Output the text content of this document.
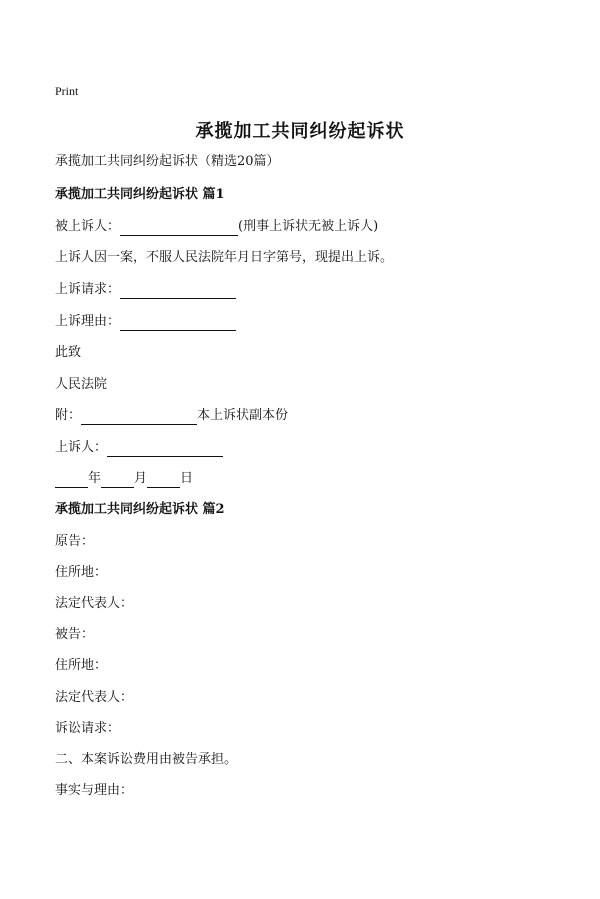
Print
承揽加工共同纠纷起诉状
承揽加工共同纠纷起诉状（精选20篇）
承揽加工共同纠纷起诉状 篇1
被上诉人：	(刑事上诉状无被上诉人)
上诉人因一案，不服人民法院年月日字第号，现提出上诉。
上诉请求：
上诉理由：
此致
人民法院
附：	本上诉状副本份
上诉人：
年	月	日
承揽加工共同纠纷起诉状 篇2
原告：
住所地：
法定代表人：
被告：
住所地：
法定代表人：
诉讼请求：
二、本案诉讼费用由被告承担。
事实与理由：
